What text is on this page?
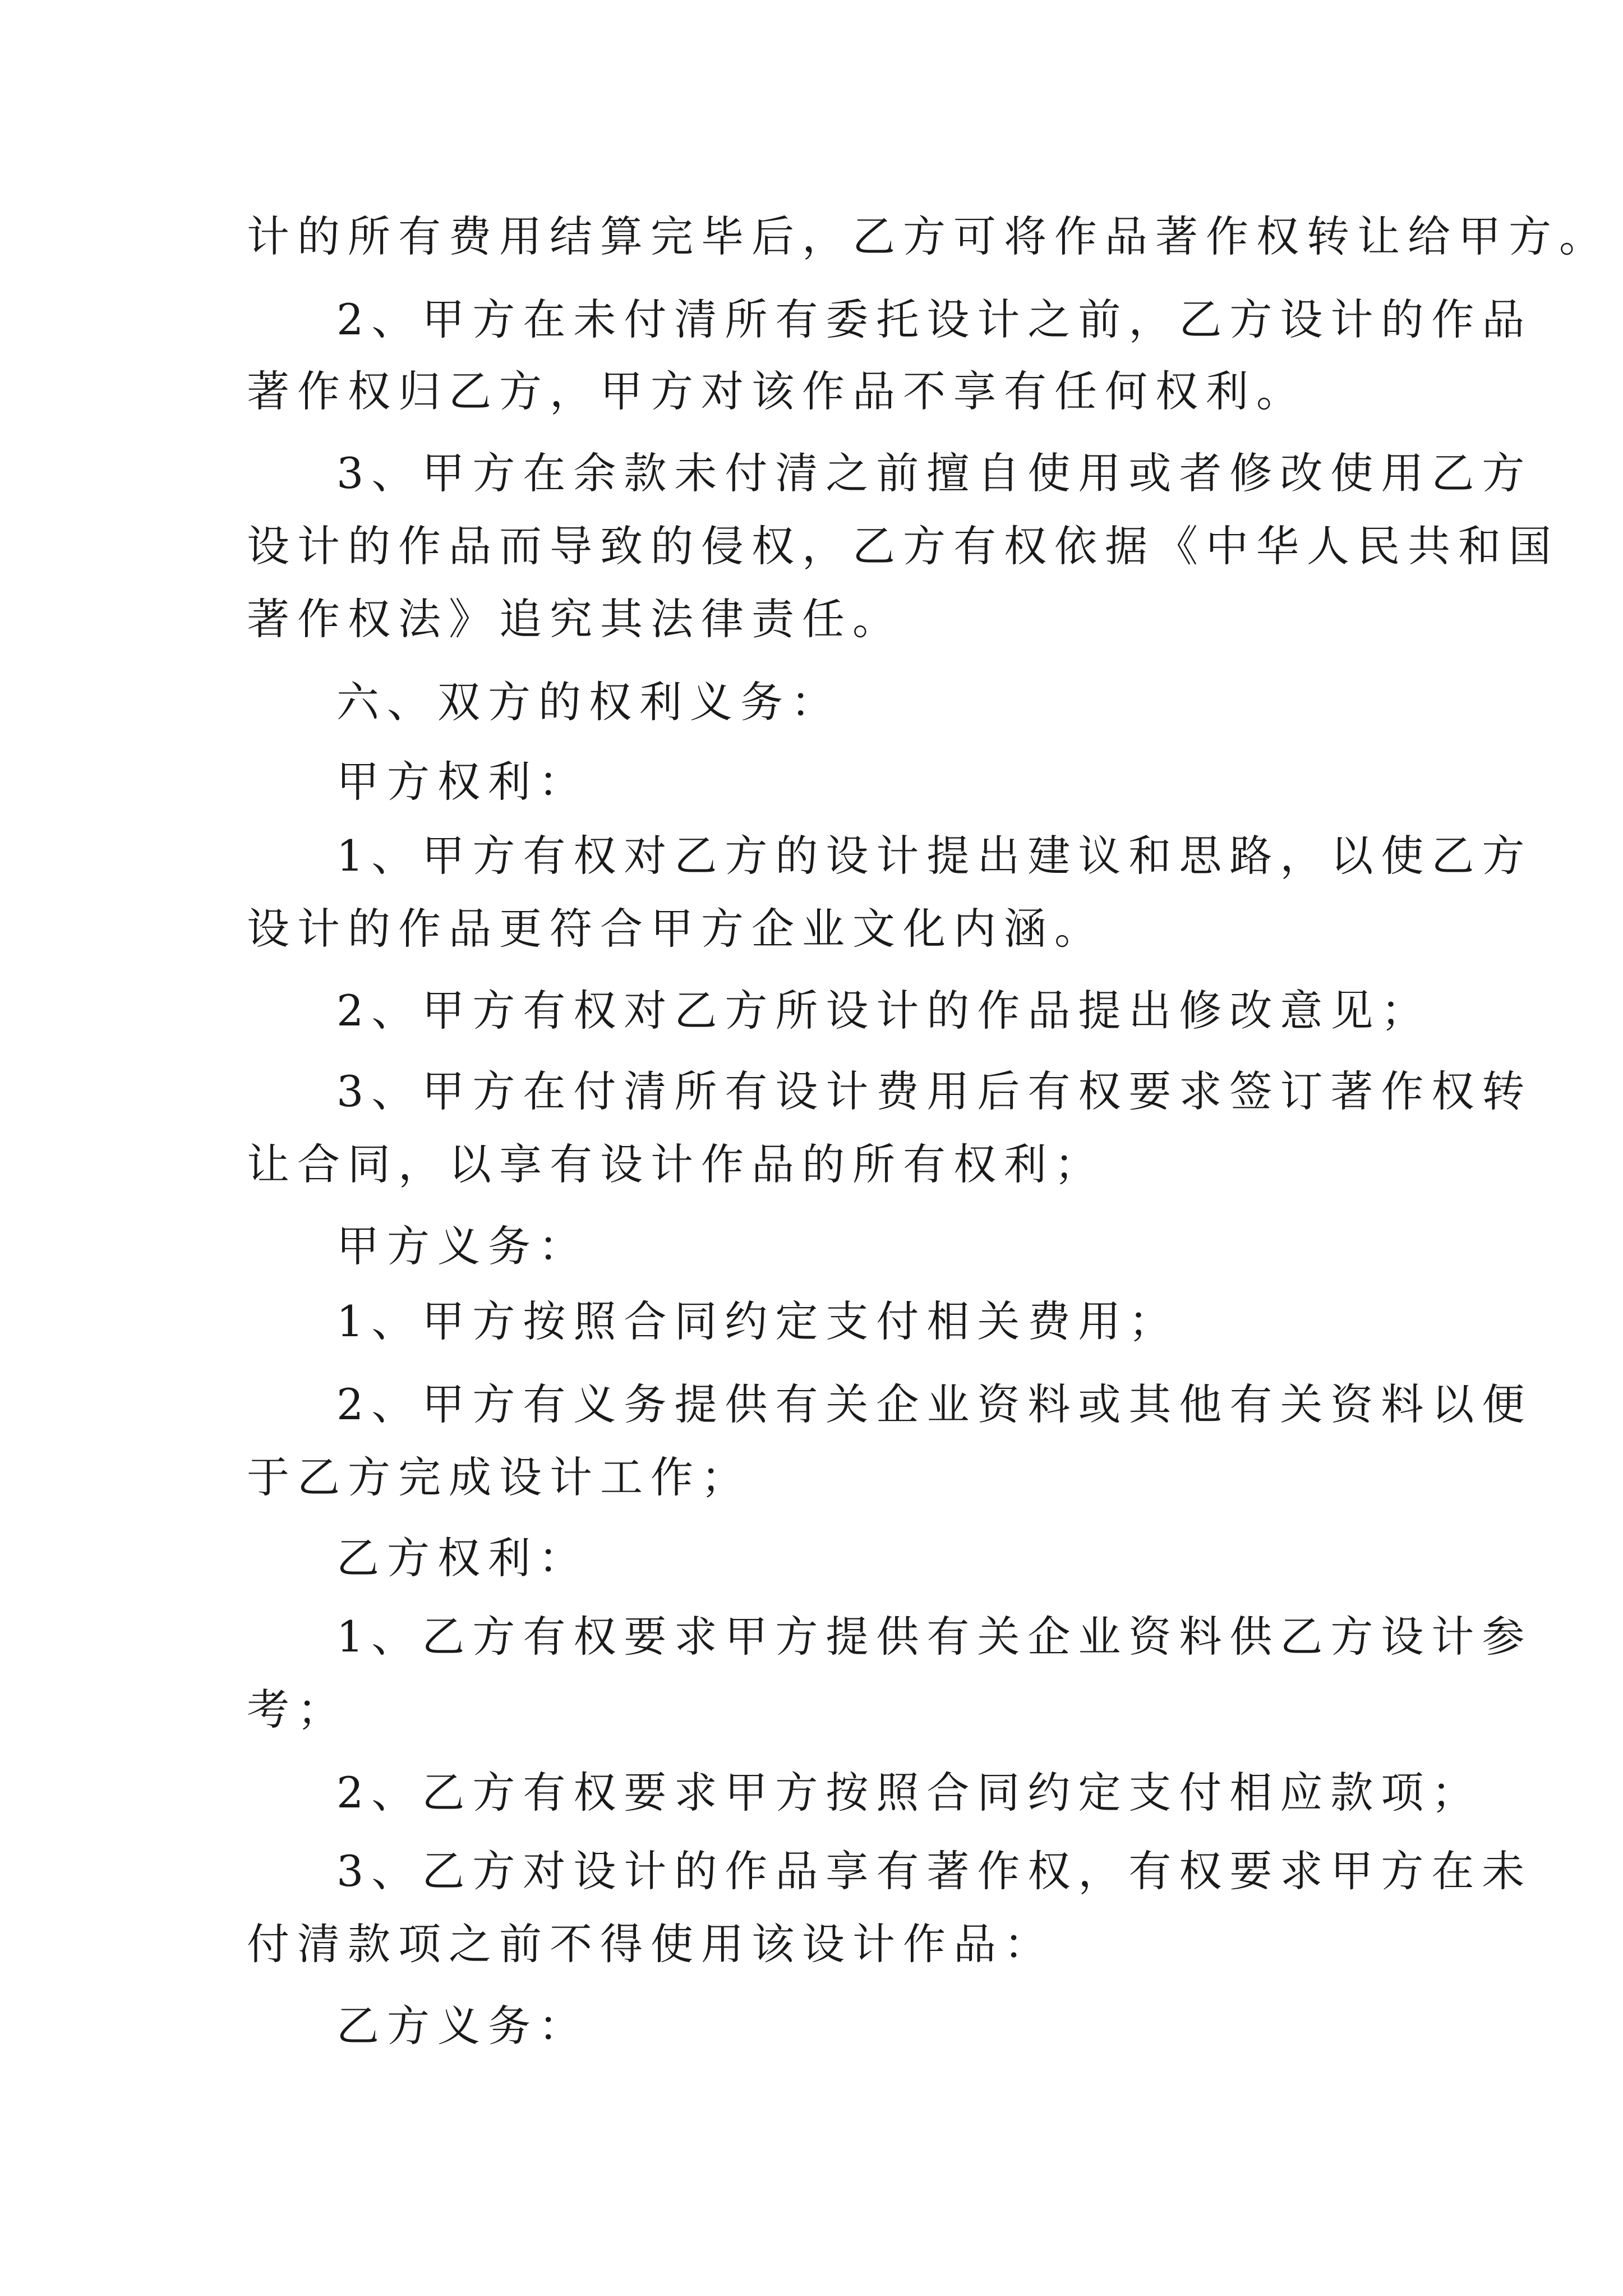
计的所有费用结算完毕后，乙方可将作品著作权转让给甲方。

2、甲方在未付清所有委托设计之前，乙方设计的作品

著作权归乙方，甲方对该作品不享有任何权利。

3、甲方在余款未付清之前擅自使用或者修改使用乙方

设计的作品而导致的侵权，乙方有权依据《中华人民共和国

著作权法》追究其法律责任。

六、双方的权利义务：

甲方权利：

1、甲方有权对乙方的设计提出建议和思路，以使乙方

设计的作品更符合甲方企业文化内涵。

2、甲方有权对乙方所设计的作品提出修改意见；

3、甲方在付清所有设计费用后有权要求签订著作权转

让合同，以享有设计作品的所有权利；

甲方义务：

1、甲方按照合同约定支付相关费用；

2、甲方有义务提供有关企业资料或其他有关资料以便

于乙方完成设计工作；

乙方权利：

1、乙方有权要求甲方提供有关企业资料供乙方设计参

考；

2、乙方有权要求甲方按照合同约定支付相应款项；

3、乙方对设计的作品享有著作权，有权要求甲方在未

付清款项之前不得使用该设计作品：

乙方义务：
